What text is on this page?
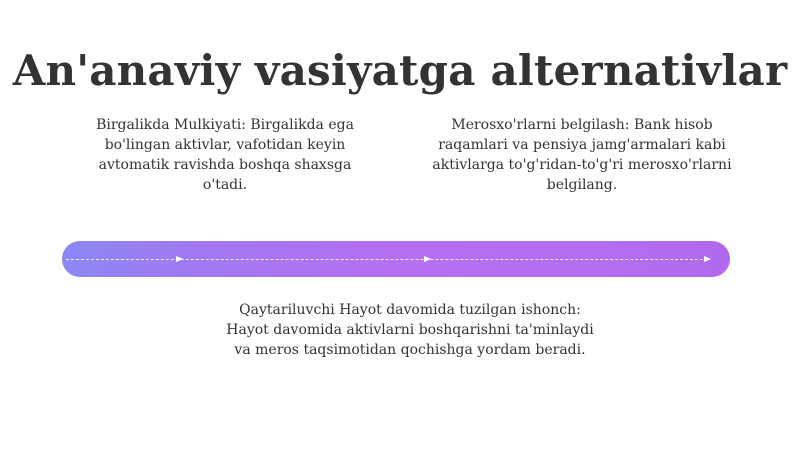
An'anaviy vasiyatga alternativlar
Birgalikda Mulkiyati: Birgalikda ega bo'lingan aktivlar, vafotidan keyin avtomatik ravishda boshqa shaxsga o'tadi.
Merosxo'rlarni belgilash: Bank hisob raqamlari va pensiya jamg'armalari kabi aktivlarga to'g'ridan-to'g'ri merosxo'rlarni belgilang.
Qaytariluvchi Hayot davomida tuzilgan ishonch: Hayot davomida aktivlarni boshqarishni ta'minlaydi va meros taqsimotidan qochishga yordam beradi.
